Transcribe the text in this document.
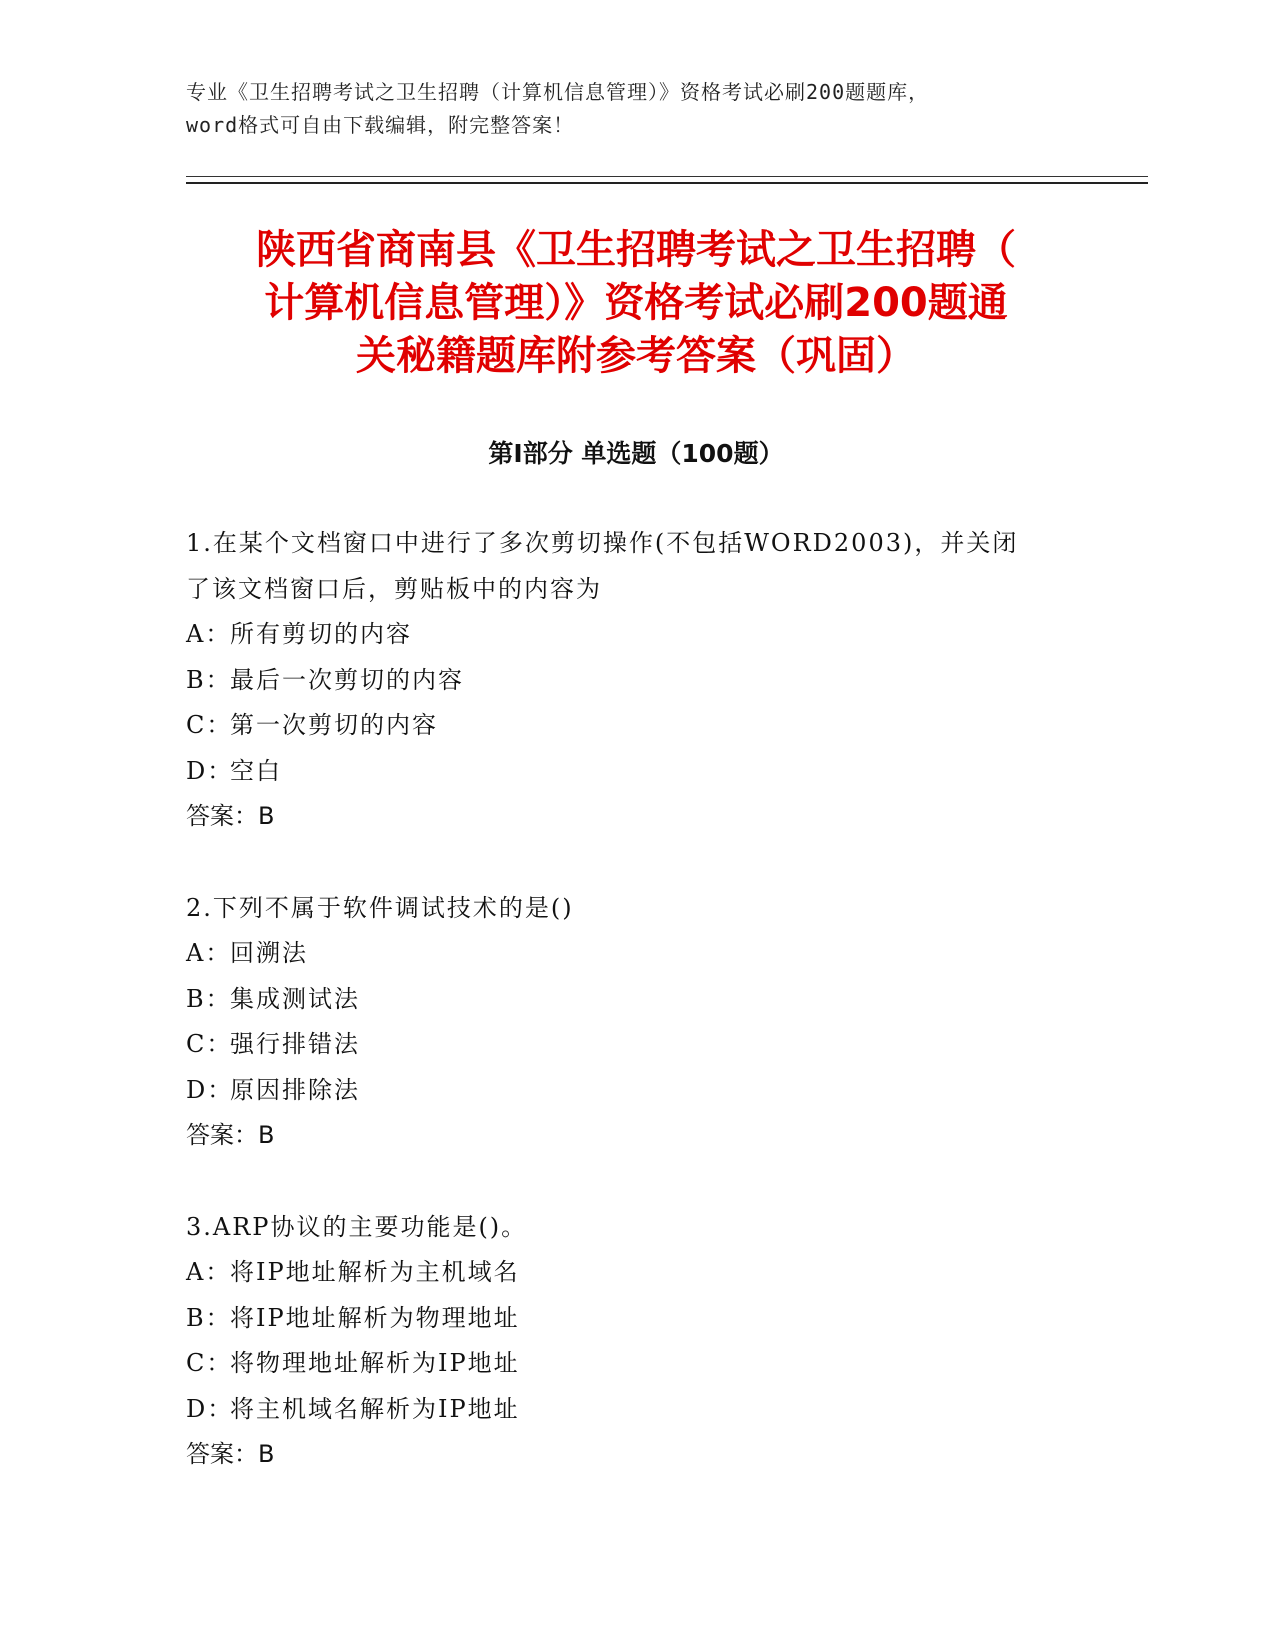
专业《卫生招聘考试之卫生招聘（计算机信息管理）》资格考试必刷200题题库，
word格式可自由下载编辑，附完整答案！
陕西省商南县《卫生招聘考试之卫生招聘（
计算机信息管理）》资格考试必刷200题通
关秘籍题库附参考答案（巩固）
第Ⅰ部分 单选题（100题）
1.在某个文档窗口中进行了多次剪切操作(不包括WORD2003)，并关闭
了该文档窗口后，剪贴板中的内容为
A：所有剪切的内容
B：最后一次剪切的内容
C：第一次剪切的内容
D：空白
答案：B
2.下列不属于软件调试技术的是()
A：回溯法
B：集成测试法
C：强行排错法
D：原因排除法
答案：B
3.ARP协议的主要功能是()。
A：将IP地址解析为主机域名
B：将IP地址解析为物理地址
C：将物理地址解析为IP地址
D：将主机域名解析为IP地址
答案：B
